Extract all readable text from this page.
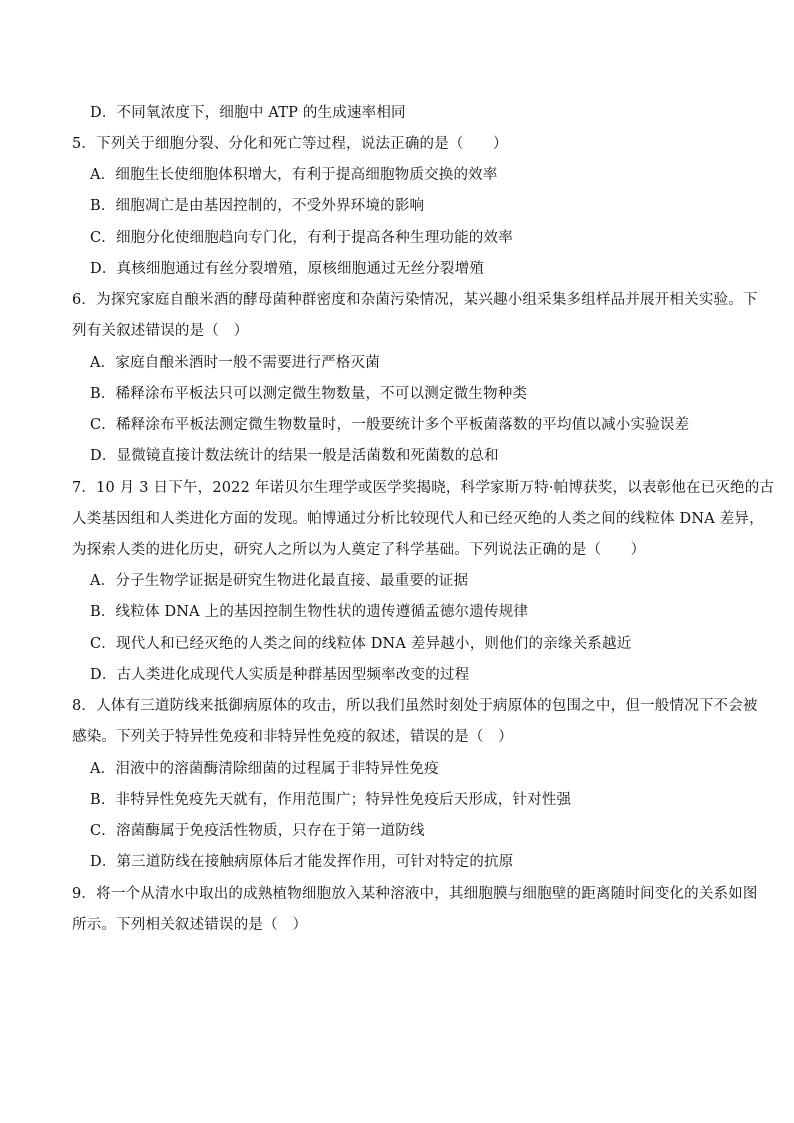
D．不同氧浓度下，细胞中 ATP 的生成速率相同
5．下列关于细胞分裂、分化和死亡等过程，说法正确的是（　　）
A．细胞生长使细胞体积增大，有利于提高细胞物质交换的效率
B．细胞凋亡是由基因控制的，不受外界环境的影响
C．细胞分化使细胞趋向专门化，有利于提高各种生理功能的效率
D．真核细胞通过有丝分裂增殖，原核细胞通过无丝分裂增殖
6．为探究家庭自酿米酒的酵母菌种群密度和杂菌污染情况，某兴趣小组采集多组样品并展开相关实验。下
列有关叙述错误的是（　）
A．家庭自酿米酒时一般不需要进行严格灭菌
B．稀释涂布平板法只可以测定微生物数量，不可以测定微生物种类
C．稀释涂布平板法测定微生物数量时，一般要统计多个平板菌落数的平均值以减小实验误差
D．显微镜直接计数法统计的结果一般是活菌数和死菌数的总和
7．10 月 3 日下午，2022 年诺贝尔生理学或医学奖揭晓，科学家斯万特·帕博获奖，以表彰他在已灭绝的古
人类基因组和人类进化方面的发现。帕博通过分析比较现代人和已经灭绝的人类之间的线粒体 DNA 差异，
为探索人类的进化历史，研究人之所以为人奠定了科学基础。下列说法正确的是（　　）
A．分子生物学证据是研究生物进化最直接、最重要的证据
B．线粒体 DNA 上的基因控制生物性状的遗传遵循孟德尔遗传规律
C．现代人和已经灭绝的人类之间的线粒体 DNA 差异越小，则他们的亲缘关系越近
D．古人类进化成现代人实质是种群基因型频率改变的过程
8．人体有三道防线来抵御病原体的攻击，所以我们虽然时刻处于病原体的包围之中，但一般情况下不会被
感染。下列关于特异性免疫和非特异性免疫的叙述，错误的是（　）
A．泪液中的溶菌酶清除细菌的过程属于非特异性免疫
B．非特异性免疫先天就有，作用范围广；特异性免疫后天形成，针对性强
C．溶菌酶属于免疫活性物质，只存在于第一道防线
D．第三道防线在接触病原体后才能发挥作用，可针对特定的抗原
9．将一个从清水中取出的成熟植物细胞放入某种溶液中，其细胞膜与细胞壁的距离随时间变化的关系如图
所示。下列相关叙述错误的是（　）
